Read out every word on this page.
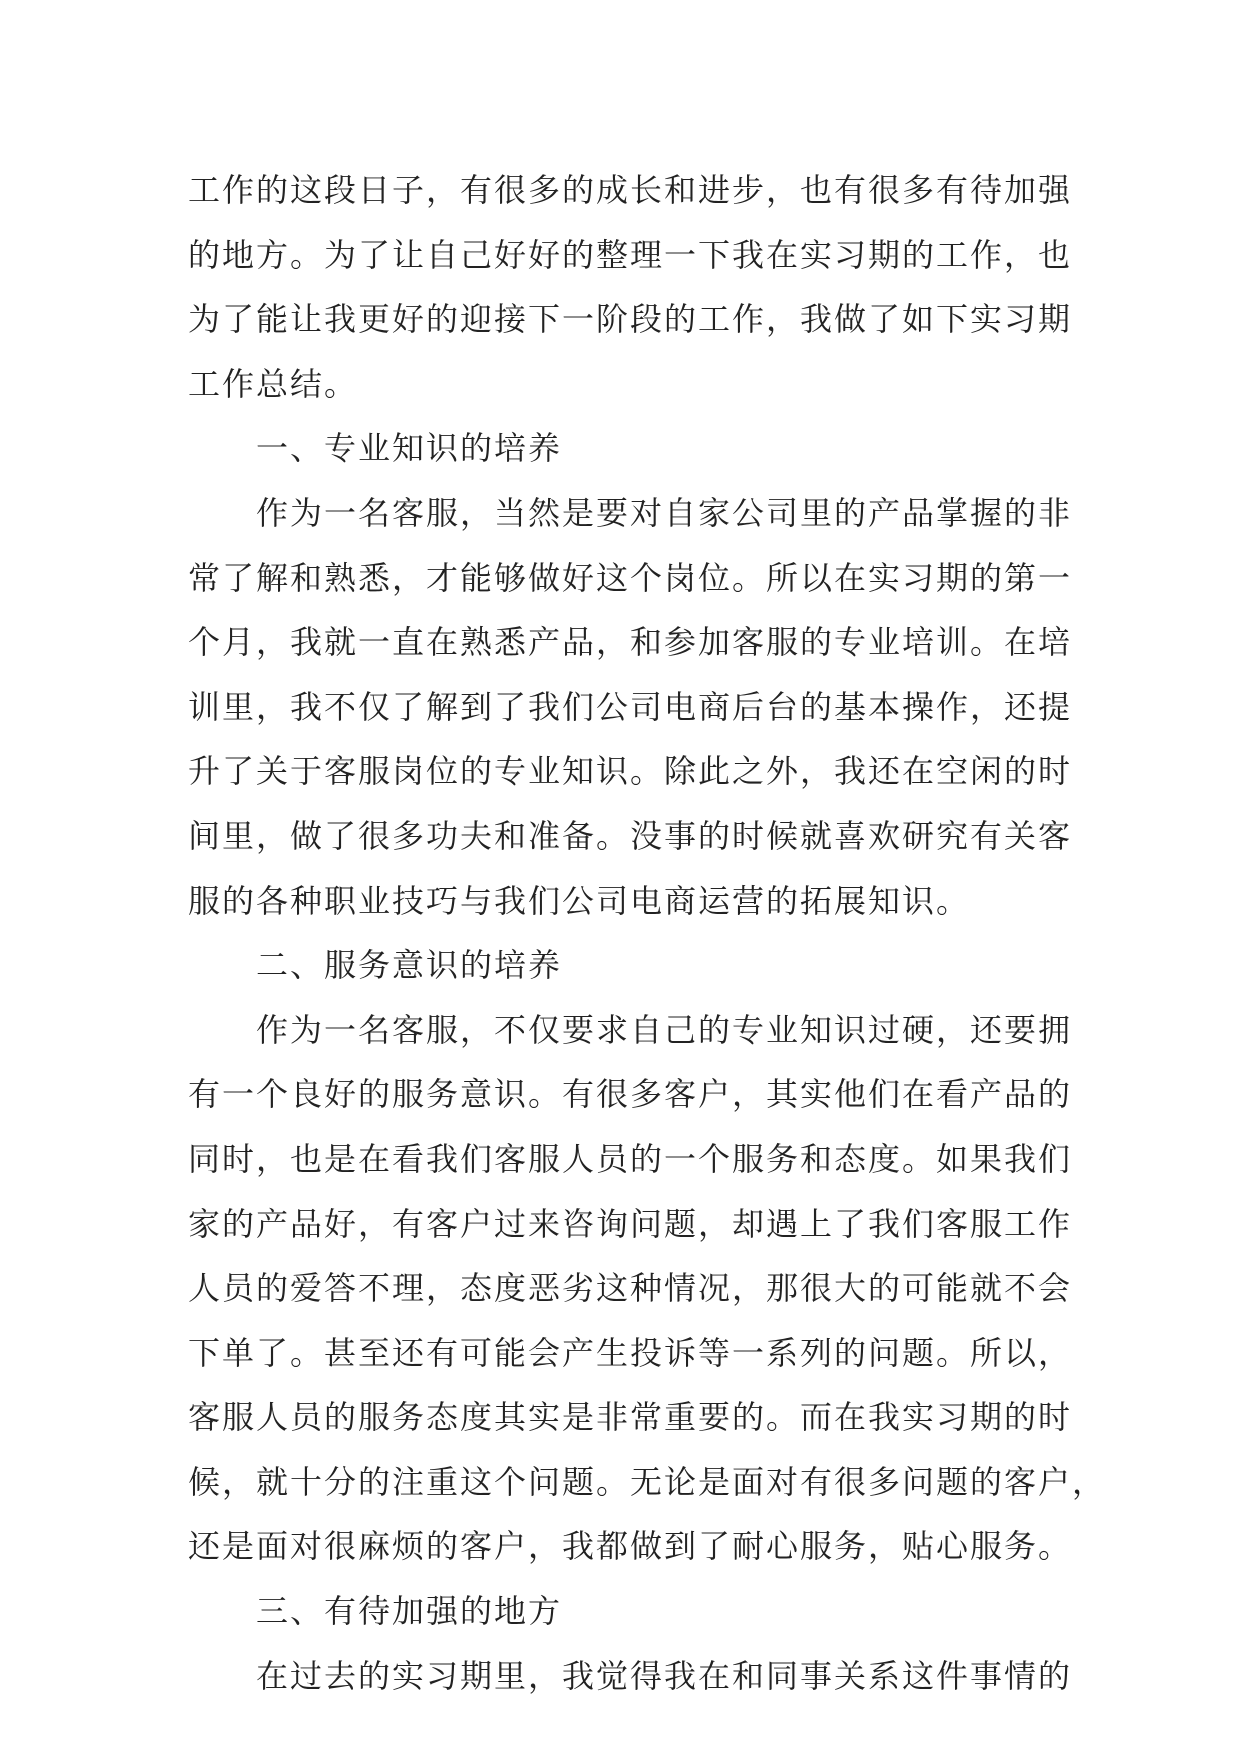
工作的这段日子，有很多的成长和进步，也有很多有待加强
的地方。为了让自己好好的整理一下我在实习期的工作，也
为了能让我更好的迎接下一阶段的工作，我做了如下实习期
工作总结。
一、专业知识的培养
作为一名客服，当然是要对自家公司里的产品掌握的非
常了解和熟悉，才能够做好这个岗位。所以在实习期的第一
个月，我就一直在熟悉产品，和参加客服的专业培训。在培
训里，我不仅了解到了我们公司电商后台的基本操作，还提
升了关于客服岗位的专业知识。除此之外，我还在空闲的时
间里，做了很多功夫和准备。没事的时候就喜欢研究有关客
服的各种职业技巧与我们公司电商运营的拓展知识。
二、服务意识的培养
作为一名客服，不仅要求自己的专业知识过硬，还要拥
有一个良好的服务意识。有很多客户，其实他们在看产品的
同时，也是在看我们客服人员的一个服务和态度。如果我们
家的产品好，有客户过来咨询问题，却遇上了我们客服工作
人员的爱答不理，态度恶劣这种情况，那很大的可能就不会
下单了。甚至还有可能会产生投诉等一系列的问题。所以，
客服人员的服务态度其实是非常重要的。而在我实习期的时
候，就十分的注重这个问题。无论是面对有很多问题的客户，
还是面对很麻烦的客户，我都做到了耐心服务，贴心服务。
三、有待加强的地方
在过去的实习期里，我觉得我在和同事关系这件事情的
